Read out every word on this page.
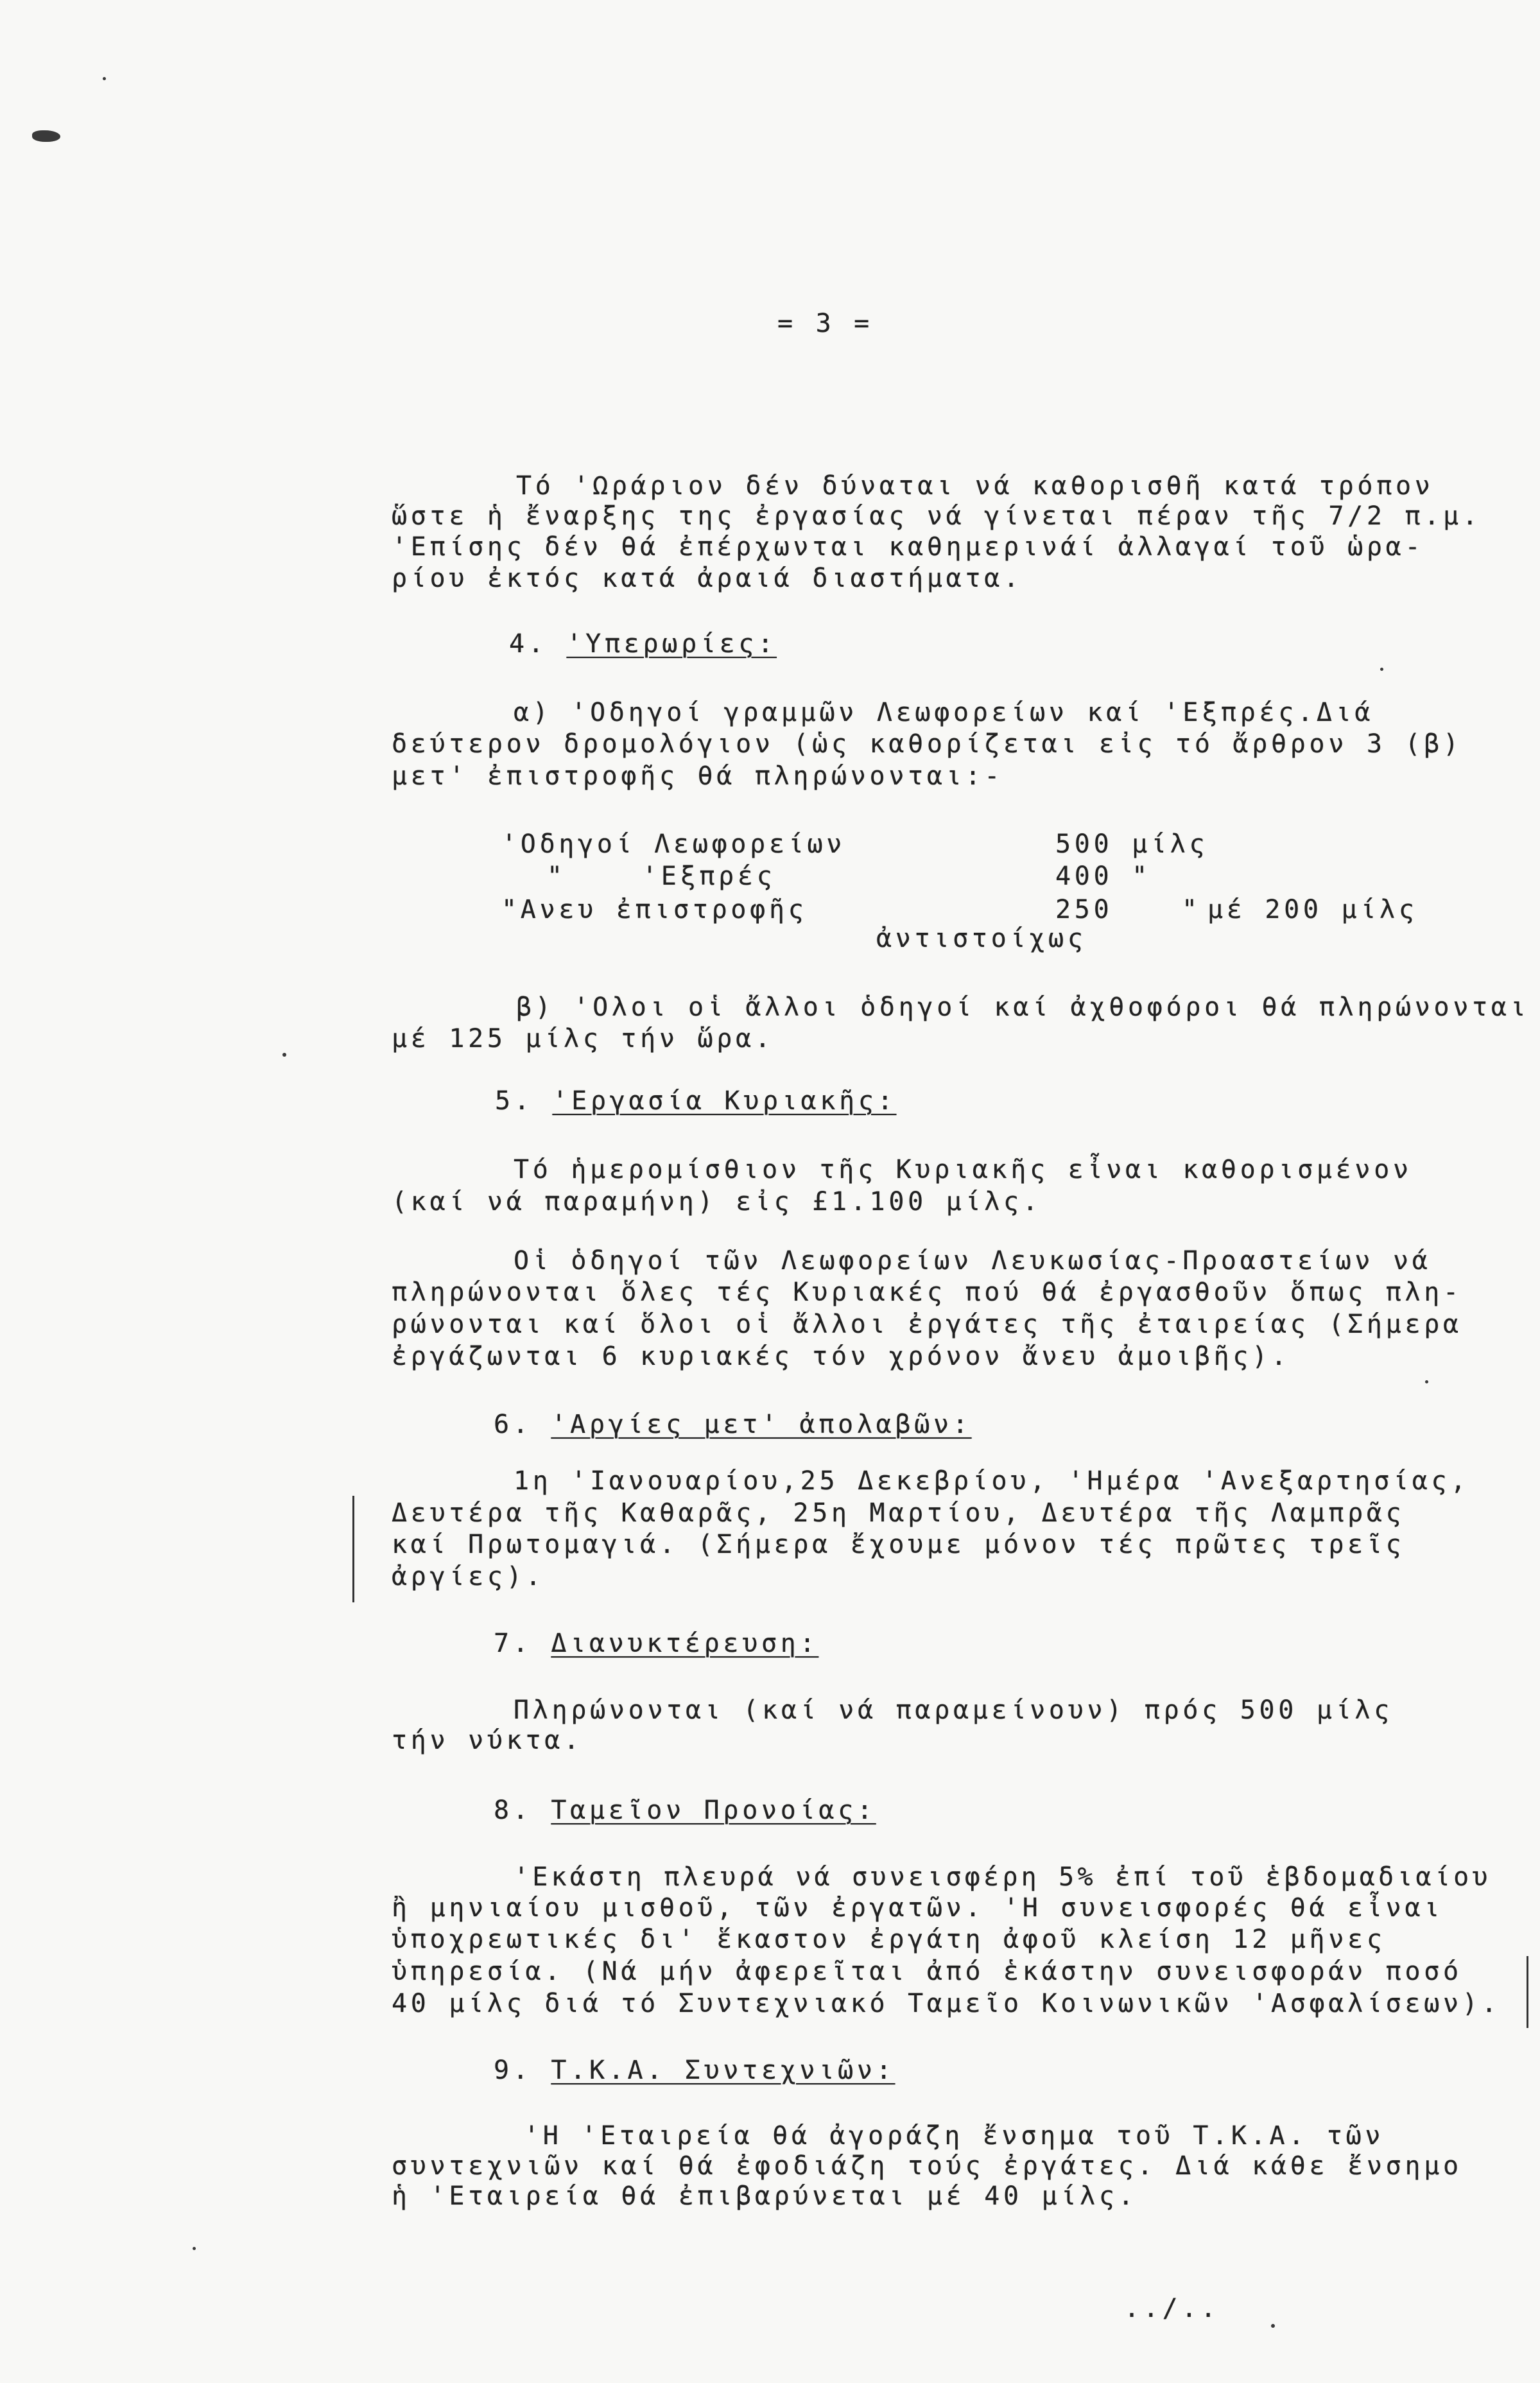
= 3 =
Τό 'Ωράριον δέν δύναται νά καθορισθῆ κατά τρόπον
ὥστε ἡ ἔναρξης της ἐργασίας νά γίνεται πέραν τῆς 7/2 π.μ.
'Επίσης δέν θά ἐπέρχωνται καθημερινάί ἀλλαγαί τοῦ ὡρα-
ρίου ἐκτός κατά ἀραιά διαστήματα.
4. 'Υπερωρίες:
α) 'Οδηγοί γραμμῶν Λεωφορείων καί 'Εξπρές.Διά
δεύτερον δρομολόγιον (ὡς καθορίζεται εἰς τό ἄρθρον 3 (β)
μετ' ἐπιστροφῆς θά πληρώνονται:-
'Οδηγοί Λεωφορείων	500 μίλς
"	'Εξπρές	400 "
"Ανευ ἐπιστροφῆς	250	" μέ 200 μίλς
ἀντιστοίχως
β) 'Ολοι οἱ ἄλλοι ὁδηγοί καί ἀχθοφόροι θά πληρώνονται
μέ 125 μίλς τήν ὥρα.
5. 'Εργασία Κυριακῆς:
Τό ἡμερομίσθιον τῆς Κυριακῆς εἶναι καθορισμένον
(καί νά παραμήνη) εἰς £1.100 μίλς.
Οἱ ὁδηγοί τῶν Λεωφορείων Λευκωσίας-Προαστείων νά
πληρώνονται ὅλες τές Κυριακές πού θά ἐργασθοῦν ὅπως πλη-
ρώνονται καί ὅλοι οἱ ἄλλοι ἐργάτες τῆς ἐταιρείας (Σήμερα
ἐργάζωνται 6 κυριακές τόν χρόνον ἄνευ ἀμοιβῆς).
6. 'Αργίες μετ' ἀπολαβῶν:
1η 'Ιανουαρίου,25 Δεκεβρίου, 'Ημέρα 'Ανεξαρτησίας,
Δευτέρα τῆς Καθαρᾶς, 25η Μαρτίου, Δευτέρα τῆς Λαμπρᾶς
καί Πρωτομαγιά. (Σήμερα ἔχουμε μόνον τές πρῶτες τρεῖς
ἀργίες).
7. Διανυκτέρευση:
Πληρώνονται (καί νά παραμείνουν) πρός 500 μίλς
τήν νύκτα.
8. Ταμεῖον Προνοίας:
'Εκάστη πλευρά νά συνεισφέρη 5% ἐπί τοῦ ἑβδομαδιαίου
ἢ μηνιαίου μισθοῦ, τῶν ἐργατῶν. 'Η συνεισφορές θά εἶναι
ὑποχρεωτικές δι' ἕκαστον ἐργάτη ἀφοῦ κλείση 12 μῆνες
ὑπηρεσία. (Νά μήν ἀφερεῖται ἀπό ἑκάστην συνεισφοράν ποσό
40 μίλς διά τό Συντεχνιακό Ταμεῖο Κοινωνικῶν 'Ασφαλίσεων).
9. Τ.Κ.Α. Συντεχνιῶν:
'Η 'Εταιρεία θά ἀγοράζη ἔνσημα τοῦ Τ.Κ.Α. τῶν
συντεχνιῶν καί θά ἐφοδιάζη τούς ἐργάτες. Διά κάθε ἔνσημο
ἡ 'Εταιρεία θά ἐπιβαρύνεται μέ 40 μίλς.
../..
